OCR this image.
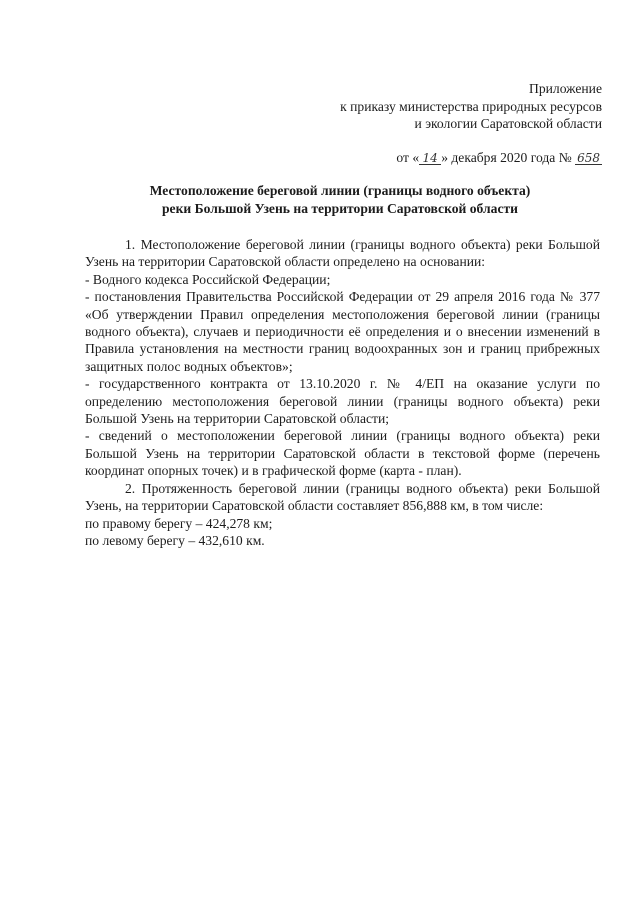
Приложение
к приказу министерства природных ресурсов
и экологии Саратовской области
от « 14 » декабря 2020 года № 658
Местоположение береговой линии (границы водного объекта)
реки Большой Узень на территории Саратовской области

1. Местоположение береговой линии (границы водного объекта) реки Большой Узень на территории Саратовской области определено на основании:

- Водного кодекса Российской Федерации;

- постановления Правительства Российской Федерации от 29 апреля 2016 года № 377 «Об утверждении Правил определения местоположения береговой линии (границы водного объекта), случаев и периодичности её определения и о внесении изменений в Правила установления на местности границ водоохранных зон и границ прибрежных защитных полос водных объектов»;

- государственного контракта от 13.10.2020 г. № 4/ЕП на оказание услуги по определению местоположения береговой линии (границы водного объекта) реки Большой Узень на территории Саратовской области;

- сведений о местоположении береговой линии (границы водного объекта) реки Большой Узень на территории Саратовской области в текстовой форме (перечень координат опорных точек) и в графической форме (карта - план).

2. Протяженность береговой линии (границы водного объекта) реки Большой Узень, на территории Саратовской области составляет 856,888 км, в том числе:

по правому берегу – 424,278 км;

по левому берегу – 432,610 км.
